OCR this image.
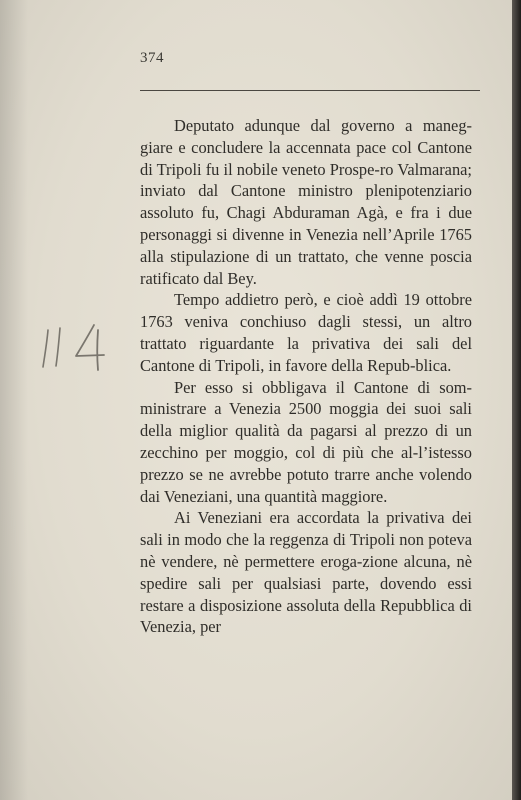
374

Deputato adunque dal governo a maneg-giare e concludere la accennata pace col Cantone di Tripoli fu il nobile veneto Prospe-ro Valmarana; inviato dal Cantone ministro plenipotenziario assoluto fu, Chagi Abduraman Agà, e fra i due personaggi si divenne in Venezia nell’Aprile 1765 alla stipulazione di un trattato, che venne poscia ratificato dal Bey.

Tempo addietro però, e cioè addì 19 ottobre 1763 veniva conchiuso dagli stessi, un altro trattato riguardante la privativa dei sali del Cantone di Tripoli, in favore della Repub-blica.

Per esso si obbligava il Cantone di som-ministrare a Venezia 2500 moggia dei suoi sali della miglior qualità da pagarsi al prezzo di un zecchino per moggio, col di più che al-l’istesso prezzo se ne avrebbe potuto trarre anche volendo dai Veneziani, una quantità maggiore.

Ai Veneziani era accordata la privativa dei sali in modo che la reggenza di Tripoli non poteva nè vendere, nè permettere eroga-zione alcuna, nè spedire sali per qualsiasi parte, dovendo essi restare a disposizione assoluta della Repubblica di Venezia, per
